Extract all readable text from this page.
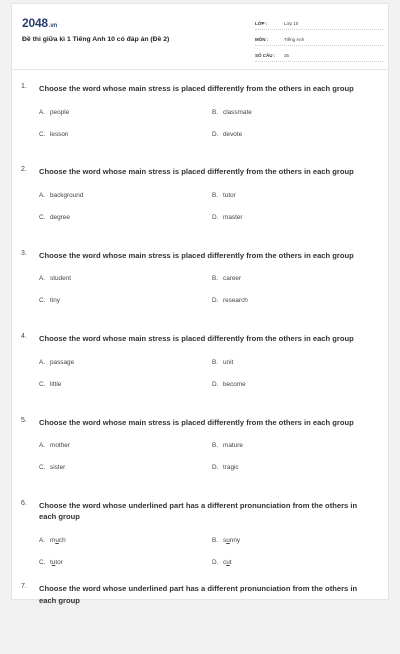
2048.vn
Đề thi giữa kì 1 Tiếng Anh 10 có đáp án (Đề 2)
LỚP :	Lớp 10
MÔN :	Tiếng Anh
SỐ CÂU :	35
1. Choose the word whose main stress is placed differently from the others in each group
A. people	B. classmate
C. lesson	D. devote
2. Choose the word whose main stress is placed differently from the others in each group
A. background	B. tutor
C. degree	D. master
3. Choose the word whose main stress is placed differently from the others in each group
A. student	B. career
C. tiny	D. research
4. Choose the word whose main stress is placed differently from the others in each group
A. passage	B. unit
C. little	D. become
5. Choose the word whose main stress is placed differently from the others in each group
A. mother	B. mature
C. sister	D. tragic
6. Choose the word whose underlined part has a different pronunciation from the others in each group
A. much	B. sunny
C. tutor	D. cut
7. Choose the word whose underlined part has a different pronunciation from the others in each group
